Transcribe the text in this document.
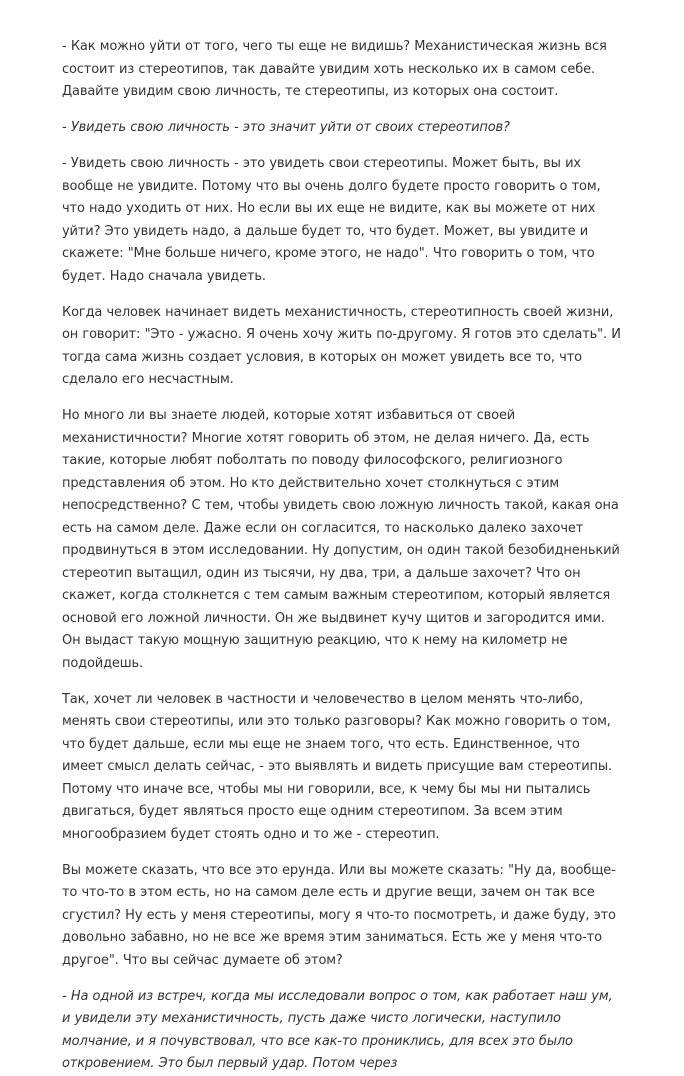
- Как можно уйти от того, чего ты еще не видишь? Механистическая жизнь вся состоит из стереотипов, так давайте увидим хоть несколько их в самом себе. Давайте увидим свою личность, те стереотипы, из которых она состоит.

- Увидеть свою личность - это значит уйти от своих стереотипов?

- Увидеть свою личность - это увидеть свои стереотипы. Может быть, вы их вообще не увидите. Потому что вы очень долго будете просто говорить о том, что надо уходить от них. Но если вы их еще не видите, как вы можете от них уйти? Это увидеть надо, а дальше будет то, что будет. Может, вы увидите и скажете: "Мне больше ничего, кроме этого, не надо". Что говорить о том, что будет. Надо сначала увидеть.

Когда человек начинает видеть механистичность, стереотипность своей жизни, он говорит: "Это - ужасно. Я очень хочу жить по-другому. Я готов это сделать". И тогда сама жизнь создает условия, в которых он может увидеть все то, что сделало его несчастным.

Но много ли вы знаете людей, которые хотят избавиться от своей механистичности? Многие хотят говорить об этом, не делая ничего. Да, есть такие, которые любят поболтать по поводу философского, религиозного представления об этом. Но кто действительно хочет столкнуться с этим непосредственно? С тем, чтобы увидеть свою ложную личность такой, какая она есть на самом деле. Даже если он согласится, то насколько далеко захочет продвинуться в этом исследовании. Ну допустим, он один такой безобидненький стереотип вытащил, один из тысячи, ну два, три, а дальше захочет? Что он скажет, когда столкнется с тем самым важным стереотипом, который является основой его ложной личности. Он же выдвинет кучу щитов и загородится ими. Он выдаст такую мощную защитную реакцию, что к нему на километр не подойдешь.

Так, хочет ли человек в частности и человечество в целом менять что-либо, менять свои стереотипы, или это только разговоры? Как можно говорить о том, что будет дальше, если мы еще не знаем того, что есть. Единственное, что имеет смысл делать сейчас, - это выявлять и видеть присущие вам стереотипы. Потому что иначе все, чтобы мы ни говорили, все, к чему бы мы ни пытались двигаться, будет являться просто еще одним стереотипом. За всем этим многообразием будет стоять одно и то же - стереотип.

Вы можете сказать, что все это ерунда. Или вы можете сказать: "Ну да, вообще-то что-то в этом есть, но на самом деле есть и другие вещи, зачем он так все сгустил? Ну есть у меня стереотипы, могу я что-то посмотреть, и даже буду, это довольно забавно, но не все же время этим заниматься. Есть же у меня что-то другое". Что вы сейчас думаете об этом?

- На одной из встреч, когда мы исследовали вопрос о том, как работает наш ум, и увидели эту механистичность, пусть даже чисто логически, наступило молчание, и я почувствовал, что все как-то прониклись, для всех это было откровением. Это был первый удар. Потом через
